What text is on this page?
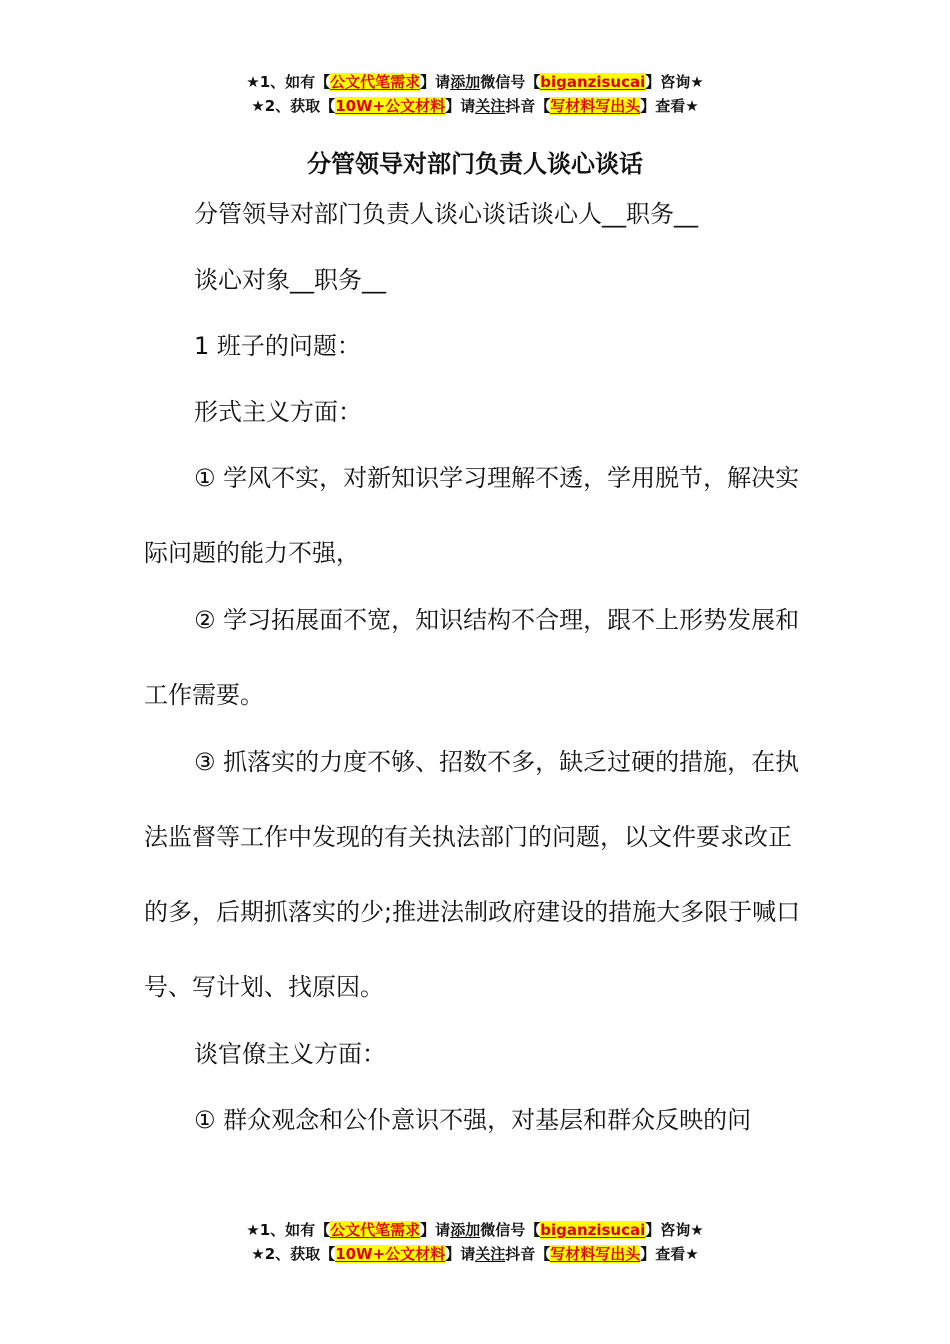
★1、如有【公文代笔需求】请添加微信号【biganzisucai】咨询★
★2、获取【10W+公文材料】请关注抖音【写材料写出头】查看★
分管领导对部门负责人谈心谈话

分管领导对部门负责人谈心谈话谈心人__职务__

谈心对象__职务__

1 班子的问题：

形式主义方面：

① 学风不实，对新知识学习理解不透，学用脱节，解决实际问题的能力不强，

② 学习拓展面不宽，知识结构不合理，跟不上形势发展和工作需要。

③ 抓落实的力度不够、招数不多，缺乏过硬的措施，在执法监督等工作中发现的有关执法部门的问题，以文件要求改正的多，后期抓落实的少;推进法制政府建设的措施大多限于喊口号、写计划、找原因。

谈官僚主义方面：

① 群众观念和公仆意识不强，对基层和群众反映的问

★1、如有【公文代笔需求】请添加微信号【biganzisucai】咨询★
★2、获取【10W+公文材料】请关注抖音【写材料写出头】查看★
